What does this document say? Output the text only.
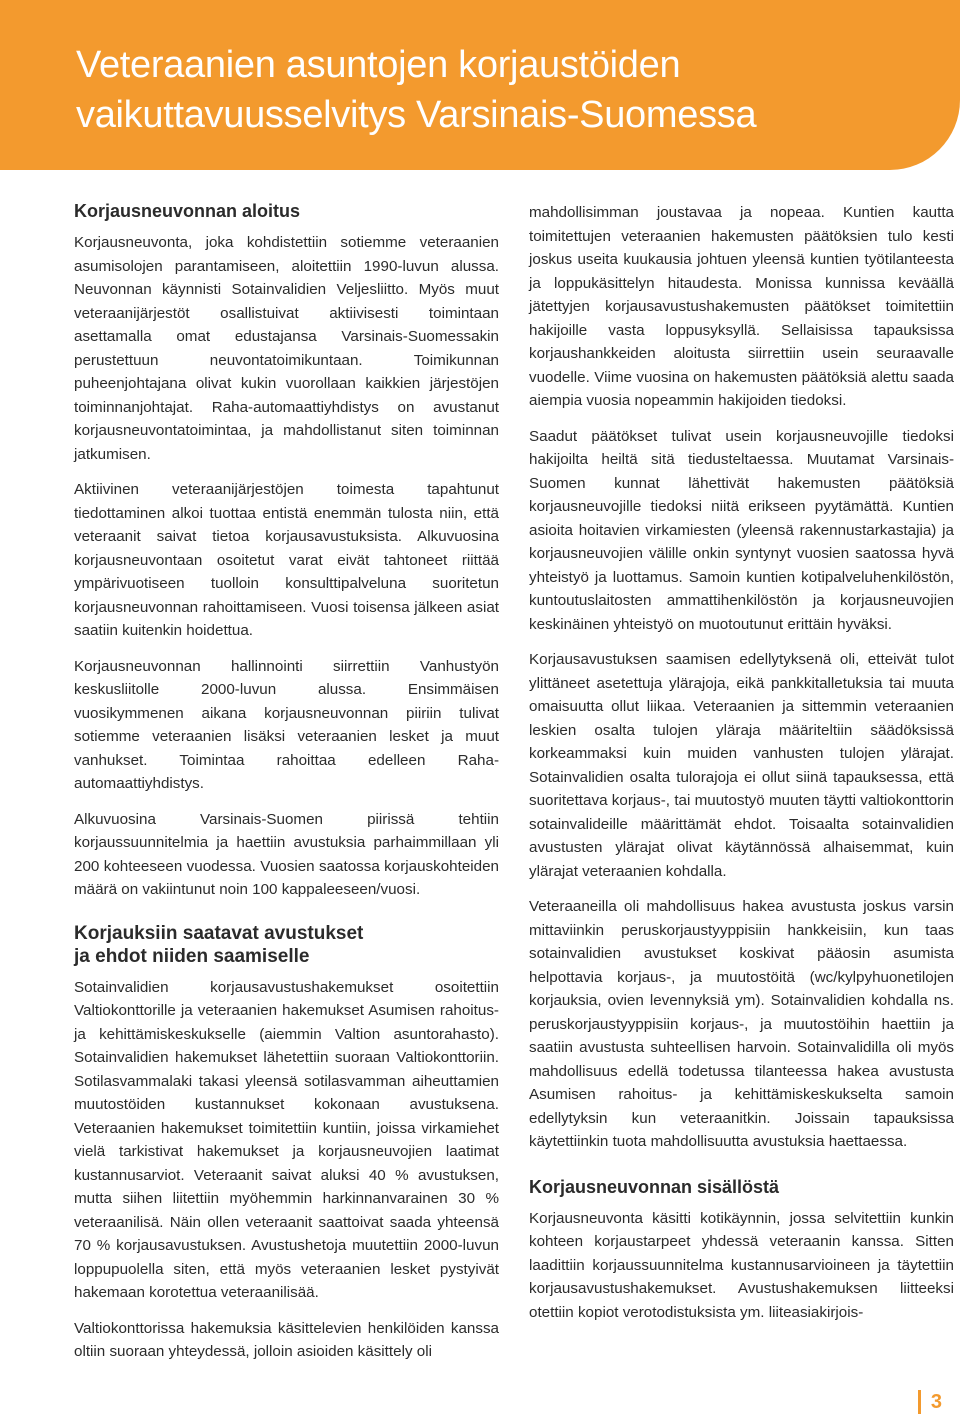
Veteraanien asuntojen korjaustöiden
vaikuttavuusselvitys Varsinais-Suomessa
Korjausneuvonnan aloitus

Korjausneuvonta, joka kohdistettiin sotiemme veteraanien asumisolojen parantamiseen, aloitettiin 1990-luvun alussa. Neuvonnan käynnisti Sotainvalidien Veljesliitto. Myös muut veteraanijärjestöt osallistuivat aktiivisesti toimintaan asettamalla omat edustajansa Varsinais-Suomessakin perustettuun neuvontatoimikuntaan. Toimikunnan puheenjohtajana olivat kukin vuorollaan kaikkien järjestöjen toiminnanjohtajat. Raha-automaattiyhdistys on avustanut korjausneuvontatoimintaa, ja mahdollistanut siten toiminnan jatkumisen.

Aktiivinen veteraanijärjestöjen toimesta tapahtunut tiedottaminen alkoi tuottaa entistä enemmän tulosta niin, että veteraanit saivat tietoa korjausavustuksista. Alkuvuosina korjausneuvontaan osoitetut varat eivät tahtoneet riittää ympärivuotiseen tuolloin konsulttipalveluna suoritetun korjausneuvonnan rahoittamiseen. Vuosi toisensa jälkeen asiat saatiin kuitenkin hoidettua.

Korjausneuvonnan hallinnointi siirrettiin Vanhustyön keskusliitolle 2000-luvun alussa. Ensimmäisen vuosikymmenen aikana korjausneuvonnan piiriin tulivat sotiemme veteraanien lisäksi veteraanien lesket ja muut vanhukset. Toimintaa rahoittaa edelleen Raha-automaattiyhdistys.

Alkuvuosina Varsinais-Suomen piirissä tehtiin korjaussuunnitelmia ja haettiin avustuksia parhaimmillaan yli 200 kohteeseen vuodessa. Vuosien saatossa korjauskohteiden määrä on vakiintunut noin 100 kappaleeseen/vuosi.

Korjauksiin saatavat avustukset
ja ehdot niiden saamiselle

Sotainvalidien korjausavustushakemukset osoitettiin Valtiokonttorille ja veteraanien hakemukset Asumisen rahoitus- ja kehittämiskeskukselle (aiemmin Valtion asuntorahasto). Sotainvalidien hakemukset lähetettiin suoraan Valtiokonttoriin. Sotilasvammalaki takasi yleensä sotilasvamman aiheuttamien muutostöiden kustannukset kokonaan avustuksena. Veteraanien hakemukset toimitettiin kuntiin, joissa virkamiehet vielä tarkistivat hakemukset ja korjausneuvojien laatimat kustannusarviot. Veteraanit saivat aluksi 40 % avustuksen, mutta siihen liitettiin myöhemmin harkinnanvarainen 30 % veteraanilisä. Näin ollen veteraanit saattoivat saada yhteensä 70 % korjausavustuksen. Avustushetoja muutettiin 2000-luvun loppupuolella siten, että myös veteraanien lesket pystyivät hakemaan korotettua veteraanilisää.

Valtiokonttorissa hakemuksia käsittelevien henkilöiden kanssa oltiin suoraan yhteydessä, jolloin asioiden käsittely oli

mahdollisimman joustavaa ja nopeaa. Kuntien kautta toimitettujen veteraanien hakemusten päätöksien tulo kesti joskus useita kuukausia johtuen yleensä kuntien työtilanteesta ja loppukäsittelyn hitaudesta. Monissa kunnissa keväällä jätettyjen korjausavustushakemusten päätökset toimitettiin hakijoille vasta loppusyksyllä. Sellaisissa tapauksissa korjaushankkeiden aloitusta siirrettiin usein seuraavalle vuodelle. Viime vuosina on hakemusten päätöksiä alettu saada aiempia vuosia nopeammin hakijoiden tiedoksi.

Saadut päätökset tulivat usein korjausneuvojille tiedoksi hakijoilta heiltä sitä tiedusteltaessa. Muutamat Varsinais-Suomen kunnat lähettivät hakemusten päätöksiä korjausneuvojille tiedoksi niitä erikseen pyytämättä. Kuntien asioita hoitavien virkamiesten (yleensä rakennustarkastajia) ja korjausneuvojien välille onkin syntynyt vuosien saatossa hyvä yhteistyö ja luottamus. Samoin kuntien kotipalveluhenkilöstön, kuntoutuslaitosten ammattihenkilöstön ja korjausneuvojien keskinäinen yhteistyö on muotoutunut erittäin hyväksi.

Korjausavustuksen saamisen edellytyksenä oli, etteivät tulot ylittäneet asetettuja ylärajoja, eikä pankkitalletuksia tai muuta omaisuutta ollut liikaa. Veteraanien ja sittemmin veteraanien leskien osalta tulojen yläraja määriteltiin säädöksissä korkeammaksi kuin muiden vanhusten tulojen ylärajat. Sotainvalidien osalta tulorajoja ei ollut siinä tapauksessa, että suoritettava korjaus-, tai muutostyö muuten täytti valtiokonttorin sotainvalideille määrittämät ehdot. Toisaalta sotainvalidien avustusten ylärajat olivat käytännössä alhaisemmat, kuin ylärajat veteraanien kohdalla.

Veteraaneilla oli mahdollisuus hakea avustusta joskus varsin mittaviinkin peruskorjaustyyppisiin hankkeisiin, kun taas sotainvalidien avustukset koskivat pääosin asumista helpottavia korjaus-, ja muutostöitä (wc/kylpyhuonetilojen korjauksia, ovien levennyksiä ym). Sotainvalidien kohdalla ns. peruskorjaustyyppisiin korjaus-, ja muutostöihin haettiin ja saatiin avustusta suhteellisen harvoin. Sotainvalidilla oli myös mahdollisuus edellä todetussa tilanteessa hakea avustusta Asumisen rahoitus- ja kehittämiskeskukselta samoin edellytyksin kun veteraanitkin. Joissain tapauksissa käytettiinkin tuota mahdollisuutta avustuksia haettaessa.

Korjausneuvonnan sisällöstä

Korjausneuvonta käsitti kotikäynnin, jossa selvitettiin kunkin kohteen korjaustarpeet yhdessä veteraanin kanssa. Sitten laadittiin korjaussuunnitelma kustannusarvioineen ja täytettiin korjausavustushakemukset. Avustushakemuksen liitteeksi otettiin kopiot verotodistuksista ym. liiteasiakirjois-

3
